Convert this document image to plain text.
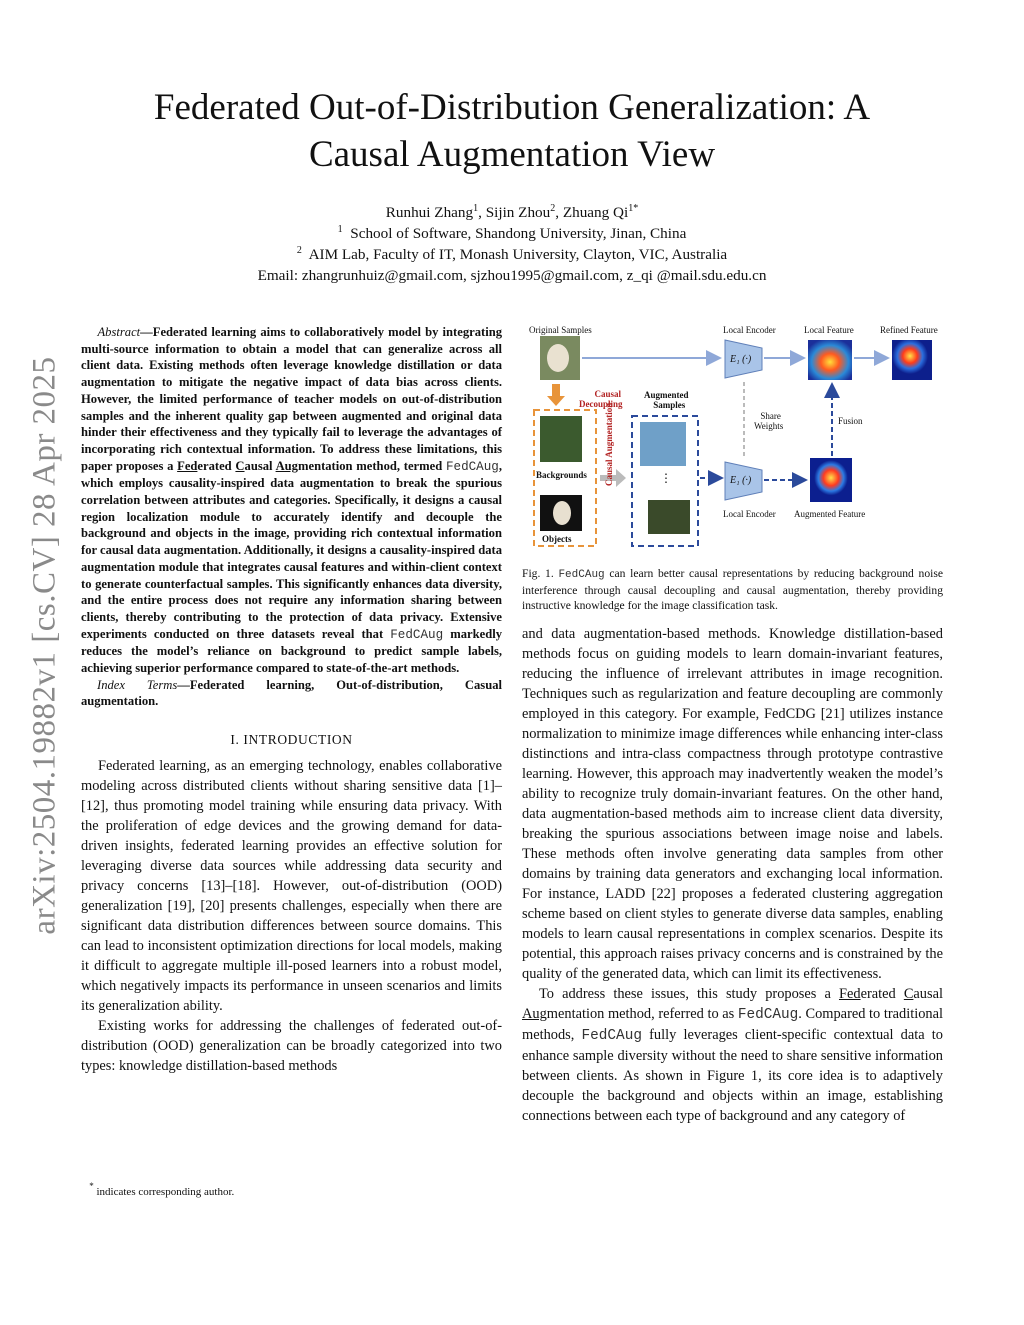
arXiv:2504.19882v1 [cs.CV] 28 Apr 2025
Federated Out-of-Distribution Generalization: A
Causal Augmentation View
Runhui Zhang$^1$, Sijin Zhou$^2$, Zhuang $Qi^{1*}$
$^1$ School of Software, Shandong University, Jinan, China
$^2$ AIM Lab, Faculty of IT, Monash University, Clayton, VIC, Australia
Email: zhangrunhuiz@gmail.com, sjzhou1995@gmail.com, z_qi @mail.sdu.edu.cn

Abstract—Federated learning aims to collaboratively model by integrating multi-source information to obtain a model that can generalize across all client data. Existing methods often leverage knowledge distillation or data augmentation to mitigate the negative impact of data bias across clients. However, the limited performance of teacher models on out-of-distribution samples and the inherent quality gap between augmented and original data hinder their effectiveness and they typically fail to leverage the advantages of incorporating rich contextual information. To address these limitations, this paper proposes a Federated Causal Augmentation method, termed FedCAug, which employs causality-inspired data augmentation to break the spurious correlation between attributes and categories. Specifically, it designs a causal region localization module to accurately identify and decouple the background and objects in the image, providing rich contextual information for causal data augmentation. Additionally, it designs a causality-inspired data augmentation module that integrates causal features and within-client context to generate counterfactual samples. This significantly enhances data diversity, and the entire process does not require any information sharing between clients, thereby contributing to the protection of data privacy. Extensive experiments conducted on three datasets reveal that FedCAug markedly reduces the model’s reliance on background to predict sample labels, achieving superior performance compared to state-of-the-art methods.

Index Terms—Federated learning, Out-of-distribution, Casual augmentation.

I. INTRODUCTION

Federated learning, as an emerging technology, enables collaborative modeling across distributed clients without sharing sensitive data [1]–[12], thus promoting model training while ensuring data privacy. With the proliferation of edge devices and the growing demand for data-driven insights, federated learning provides an effective solution for leveraging diverse data sources while addressing data security and privacy concerns [13]–[18]. However, out-of-distribution (OOD) generalization [19], [20] presents challenges, especially when there are significant data distribution differences between source domains. This can lead to inconsistent optimization directions for local models, making it difficult to aggregate multiple ill-posed learners into a robust model, which negatively impacts its performance in unseen scenarios and limits its generalization ability.

Existing works for addressing the challenges of federated out-of-distribution (OOD) generalization can be broadly categorized into two types: knowledge distillation-based methods

* indicates corresponding author.
Original Samples	Local Encoder	Local Feature	Refined Feature
E₁ (·)
Causal
Decoupling
Augmented
Samples
Share
Weights	Fusion
Backgrounds
Objects
Causal Augmentation	⋮	E₁ (·)
Local Encoder Augmented Feature

Fig. 1. FedCAug can learn better causal representations by reducing background noise interference through causal decoupling and causal augmentation, thereby providing instructive knowledge for the image classification task.

and data augmentation-based methods. Knowledge distillation-based methods focus on guiding models to learn domain-invariant features, reducing the influence of irrelevant attributes in image recognition. Techniques such as regularization and feature decoupling are commonly employed in this category. For example, FedCDG [21] utilizes instance normalization to minimize image differences while enhancing inter-class distinctions and intra-class compactness through prototype contrastive learning. However, this approach may inadvertently weaken the model’s ability to recognize truly domain-invariant features. On the other hand, data augmentation-based methods aim to increase client data diversity, breaking the spurious associations between image noise and labels. These methods often involve generating data samples from other domains by training data generators and exchanging local information. For instance, LADD [22] proposes a federated clustering aggregation scheme based on client styles to generate diverse data samples, enabling models to learn causal representations in complex scenarios. Despite its potential, this approach raises privacy concerns and is constrained by the quality of the generated data, which can limit its effectiveness.

To address these issues, this study proposes a Federated Causal Augmentation method, referred to as FedCAug. Compared to traditional methods, FedCAug fully leverages client-specific contextual data to enhance sample diversity without the need to share sensitive information between clients. As shown in Figure 1, its core idea is to adaptively decouple the background and objects within an image, establishing connections between each type of background and any category of
